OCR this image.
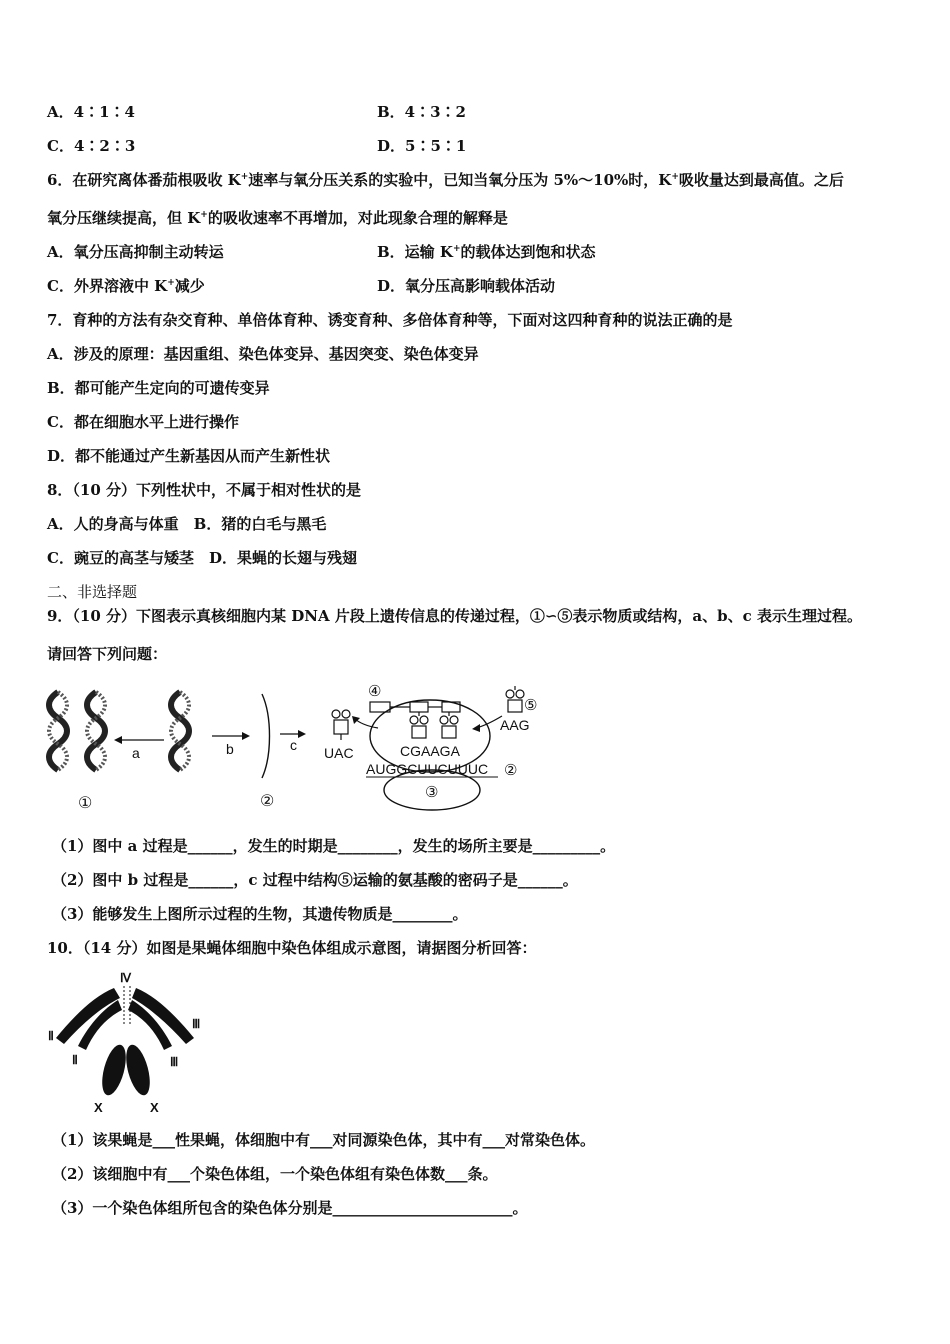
A．4∶1∶4	B．4∶3∶2
C．4∶2∶3	D．5∶5∶1
6．在研究离体番茄根吸收 K+速率与氧分压关系的实验中，已知当氧分压为 5%～10%时，K+吸收量达到最高值。之后
氧分压继续提高，但 K+的吸收速率不再增加，对此现象合理的解释是
A．氧分压高抑制主动转运	B．运输 K+的载体达到饱和状态
C．外界溶液中 K+减少	D．氧分压高影响载体活动
7．育种的方法有杂交育种、单倍体育种、诱变育种、多倍体育种等，下面对这四种育种的说法正确的是
A．涉及的原理：基因重组、染色体变异、基因突变、染色体变异
B．都可能产生定向的可遗传变异
C．都在细胞水平上进行操作
D．都不能通过产生新基因从而产生新性状
8．（10 分）下列性状中，不属于相对性状的是
A．人的身高与体重　B．猪的白毛与黑毛
C．豌豆的高茎与矮茎　D．果蝇的长翅与残翅
二、非选择题
9．（10 分）下图表示真核细胞内某 DNA 片段上遗传信息的传递过程，①∽⑤表示物质或结构，a、b、c 表示生理过程。
请回答下列问题：
a	b	c
①	②
UAC
③
④
CGAAGA
AUGGCUUCUUUC ②
⑤
AAG
（1）图中 a 过程是______，发生的时期是________，发生的场所主要是_________。
（2）图中 b 过程是______，c 过程中结构⑤运输的氨基酸的密码子是______。
（3）能够发生上图所示过程的生物，其遗传物质是________。
10．（14 分）如图是果蝇体细胞中染色体组成示意图，请据图分析回答：
Ⅳ
Ⅱ
Ⅱ
Ⅲ
Ⅲ
X	X
（1）该果蝇是___性果蝇，体细胞中有___对同源染色体，其中有___对常染色体。
（2）该细胞中有___个染色体组，一个染色体组有染色体数___条。
（3）一个染色体组所包含的染色体分别是________________________。
